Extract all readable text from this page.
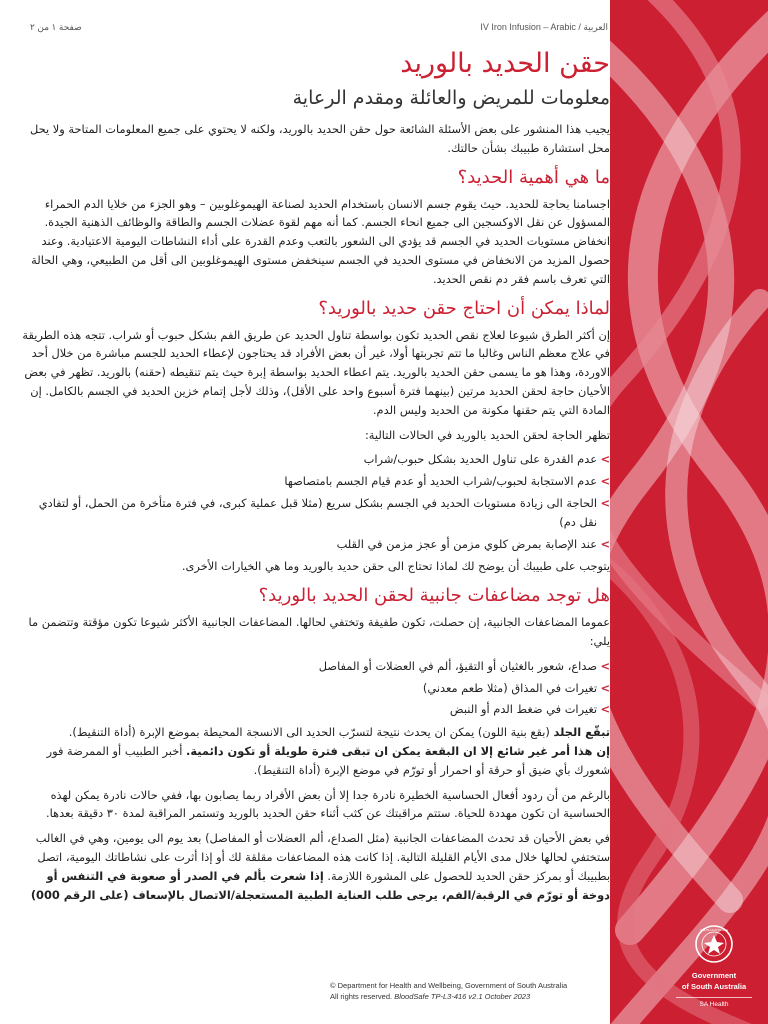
صفحة ١ من ٢	IV Iron Infusion – Arabic / العربية
حقن الحديد بالوريد
معلومات للمريض والعائلة ومقدم الرعاية

يجيب هذا المنشور على بعض الأسئلة الشائعة حول حقن الحديد بالوريد، ولكنه لا يحتوي على جميع المعلومات المتاحة ولا يحل محل استشارة طبيبك بشأن حالتك.

ما هي أهمية الحديد؟

اجسامنا بحاجة للحديد. حيث يقوم جسم الانسان باستخدام الحديد لصناعة الهيموغلوبين – وهو الجزء من خلايا الدم الحمراء المسؤول عن نقل الاوكسجين الى جميع انحاء الجسم. كما أنه مهم لقوة عضلات الجسم والطاقة والوظائف الذهنية الجيدة. انخفاض مستويات الحديد في الجسم قد يؤدي الى الشعور بالتعب وعدم القدرة على أداء النشاطات اليومية الاعتيادية. وعند حصول المزيد من الانخفاض في مستوى الحديد في الجسم سينخفض مستوى الهيموغلوبين الى أقل من الطبيعي، وهي الحالة التي تعرف باسم فقر دم نقص الحديد.

لماذا يمكن أن احتاج حقن حديد بالوريد؟

إن أكثر الطرق شيوعا لعلاج نقص الحديد تكون بواسطة تناول الحديد عن طريق الفم بشكل حبوب أو شراب. تتجه هذه الطريقة في علاج معظم الناس وغالبا ما تتم تجربتها أولا، غير أن بعض الأفراد قد يحتاجون لإعطاء الحديد للجسم مباشرة من خلال أحد الاوردة، وهذا هو ما يسمى حقن الحديد بالوريد. يتم اعطاء الحديد بواسطة إبرة حيث يتم تنقيطه (حقنه) بالوريد. تظهر في بعض الأحيان حاجة لحقن الحديد مرتين (بينهما فترة أسبوع واحد على الأقل)، وذلك لأجل إتمام خزين الحديد في الجسم بالكامل. إن المادة التي يتم حقنها مكونة من الحديد وليس الدم.

تظهر الحاجة لحقن الحديد بالوريد في الحالات التالية:

>
عدم القدرة على تناول الحديد بشكل حبوب/شراب
>
عدم الاستجابة لحبوب/شراب الحديد أو عدم قيام الجسم بامتصاصها
>
الحاجة الى زيادة مستويات الحديد في الجسم بشكل سريع (مثلا قبل عملية كبرى، في فترة متأخرة من الحمل، أو لتفادي نقل دم)
>
عند الإصابة بمرض كلوي مزمن أو عجز مزمن في القلب

يتوجب على طبيبك أن يوضح لك لماذا تحتاج الى حقن حديد بالوريد وما هي الخيارات الأخرى.

هل توجد مضاعفات جانبية لحقن الحديد بالوريد؟

عموما المضاعفات الجانبية، إن حصلت، تكون طفيفة وتختفي لحالها. المضاعفات الجانبية الأكثر شيوعا تكون مؤقتة وتتضمن ما يلي:

>
صداع، شعور بالغثيان أو التقيؤ، ألم في العضلات أو المفاصل
>
تغيرات في المذاق (مثلا طعم معدني)
>
تغيرات في ضغط الدم أو النبض

تبقّع الجلد (بقع بنية اللون) يمكن ان يحدث نتيجة لتسرّب الحديد الى الانسجة المحيطة بموضع الإبرة (أداة التنقيط).
إن هذا أمر غير شائع إلا ان البقعة يمكن ان تبقى فترة طويلة أو تكون دائمية. أخبر الطبيب أو الممرضة فور شعورك بأي ضيق أو حرقة أو احمرار أو تورّم في موضع الإبرة (أداة التنقيط).

بالرغم من أن ردود أفعال الحساسية الخطيرة نادرة جدا إلا أن بعض الأفراد ربما يصابون بها، ففي حالات نادرة يمكن لهذه الحساسية ان تكون مهددة للحياة. ستتم مراقبتك عن كثب أثناء حقن الحديد بالوريد وتستمر المراقبة لمدة ٣٠ دقيقة بعدها.

في بعض الأحيان قد تحدث المضاعفات الجانبية (مثل الصداع، ألم العضلات أو المفاصل) بعد يوم الى يومين، وهي في الغالب ستختفي لحالها خلال مدى الأيام القليلة التالية. إذا كانت هذه المضاعفات مقلقة لك أو إذا أثرت على نشاطاتك اليومية، اتصل بطبيبك أو بمركز حقن الحديد للحصول على المشورة اللازمة. إذا شعرت بألم في الصدر أو صعوبة في التنفس أو دوخة أو تورّم في الرقبة/الفم، يرجى طلب العناية الطبية المستعجلة/الاتصال بالإسعاف (على الرقم 000)

© Department for Health and Wellbeing, Government of South Australia
All rights reserved. BloodSafe TP-L3-416 v2.1 October 2023
SOUTH AUSTRALIA
Government
of South Australia
SA Health
